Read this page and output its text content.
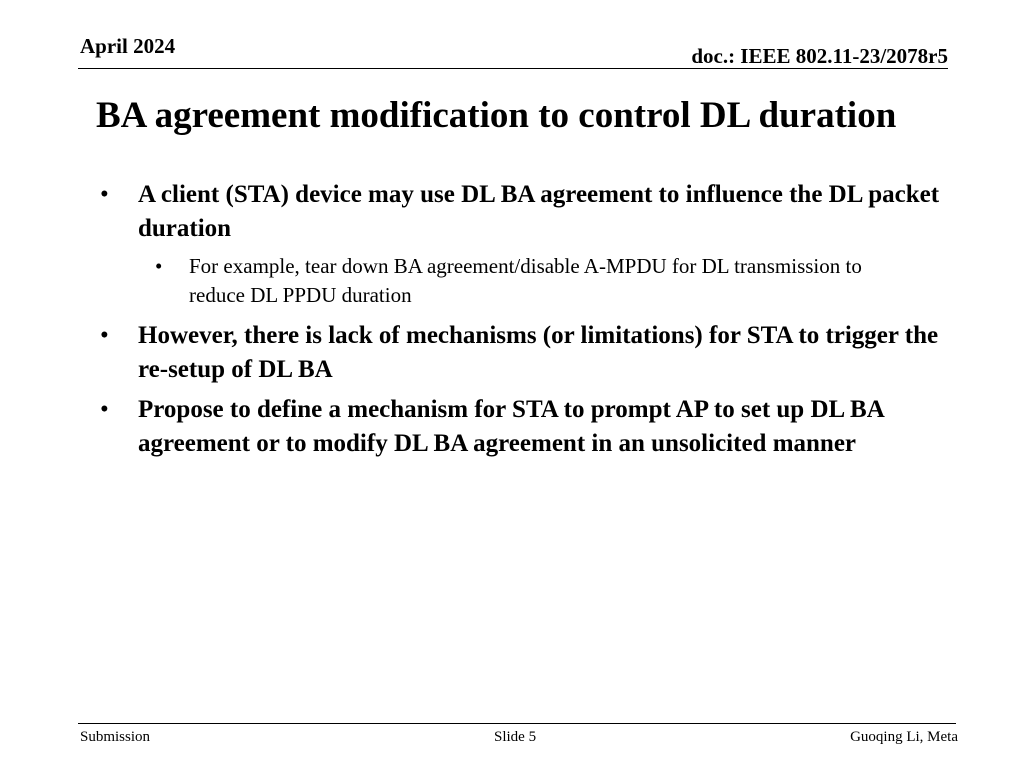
April 2024	doc.: IEEE 802.11-23/2078r5
BA agreement modification to control DL duration
• A client (STA) device may use DL BA agreement to influence the DL packet duration
• For example, tear down BA agreement/disable A-MPDU for DL transmission to reduce DL PPDU duration
• However, there is lack of mechanisms (or limitations) for STA to trigger the re-setup of DL BA
• Propose to define a mechanism for STA to prompt AP to set up DL BA agreement or to modify DL BA agreement in an unsolicited manner
Submission	Slide 5	Guoqing Li, Meta
